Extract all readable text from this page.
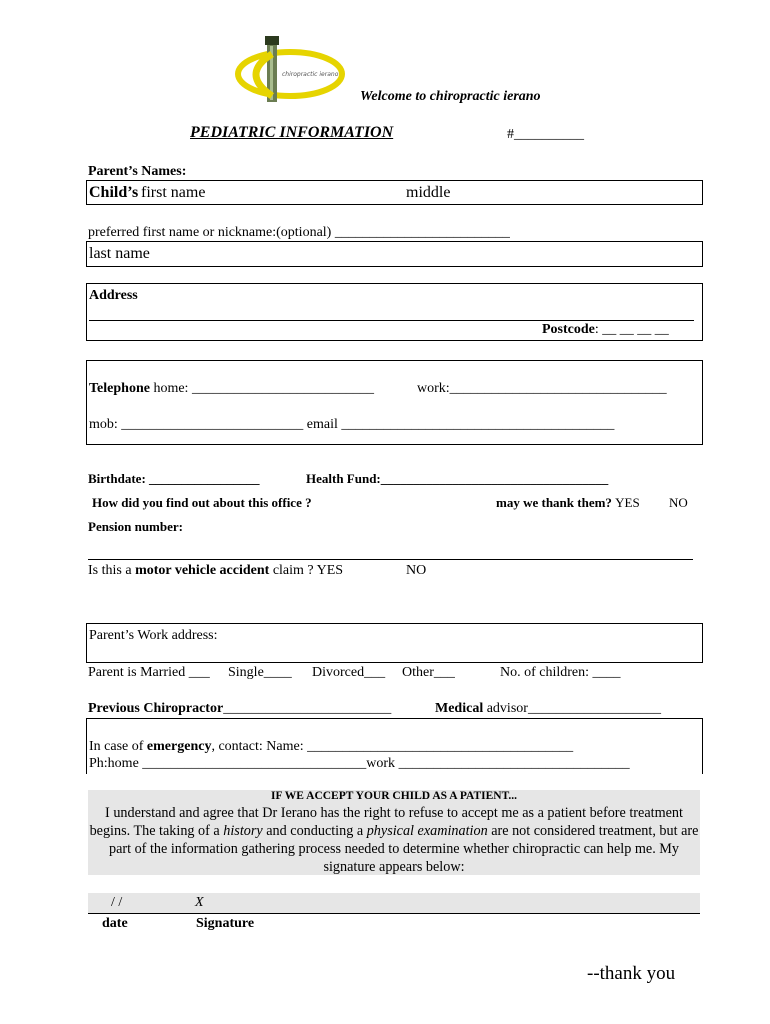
chiropractic ierano
Welcome to chiropractic ierano
PEDIATRIC INFORMATION	#__________
Parent’s Names:
Child’s first name	middle
preferred first name or nickname:(optional) _________________________
last name
Address
Postcode: __ __ __ __
Telephone home: __________________________	work:_______________________________
mob: __________________________ email _______________________________________
Birthdate: _________________	Health Fund:___________________________________
How did you find out about this office ?	may we thank them? YES NO
Pension number:
Is this a motor vehicle accident claim ? YES	NO
Parent’s Work address:
Parent is Married ___ Single____ Divorced___ Other___	No. of children: ____
Previous Chiropractor________________________	Medical advisor___________________
In case of emergency, contact: Name: ______________________________________
Ph:home ________________________________work _________________________________
IF WE ACCEPT YOUR CHILD AS A PATIENT...
I understand and agree that Dr Ierano has the right to refuse to accept me as a patient before treatment begins. The taking of a history and conducting a physical examination are not considered treatment, but are part of the information gathering process needed to determine whether chiropractic can help me. My signature appears below:
/ /	X
date	Signature
--thank you
